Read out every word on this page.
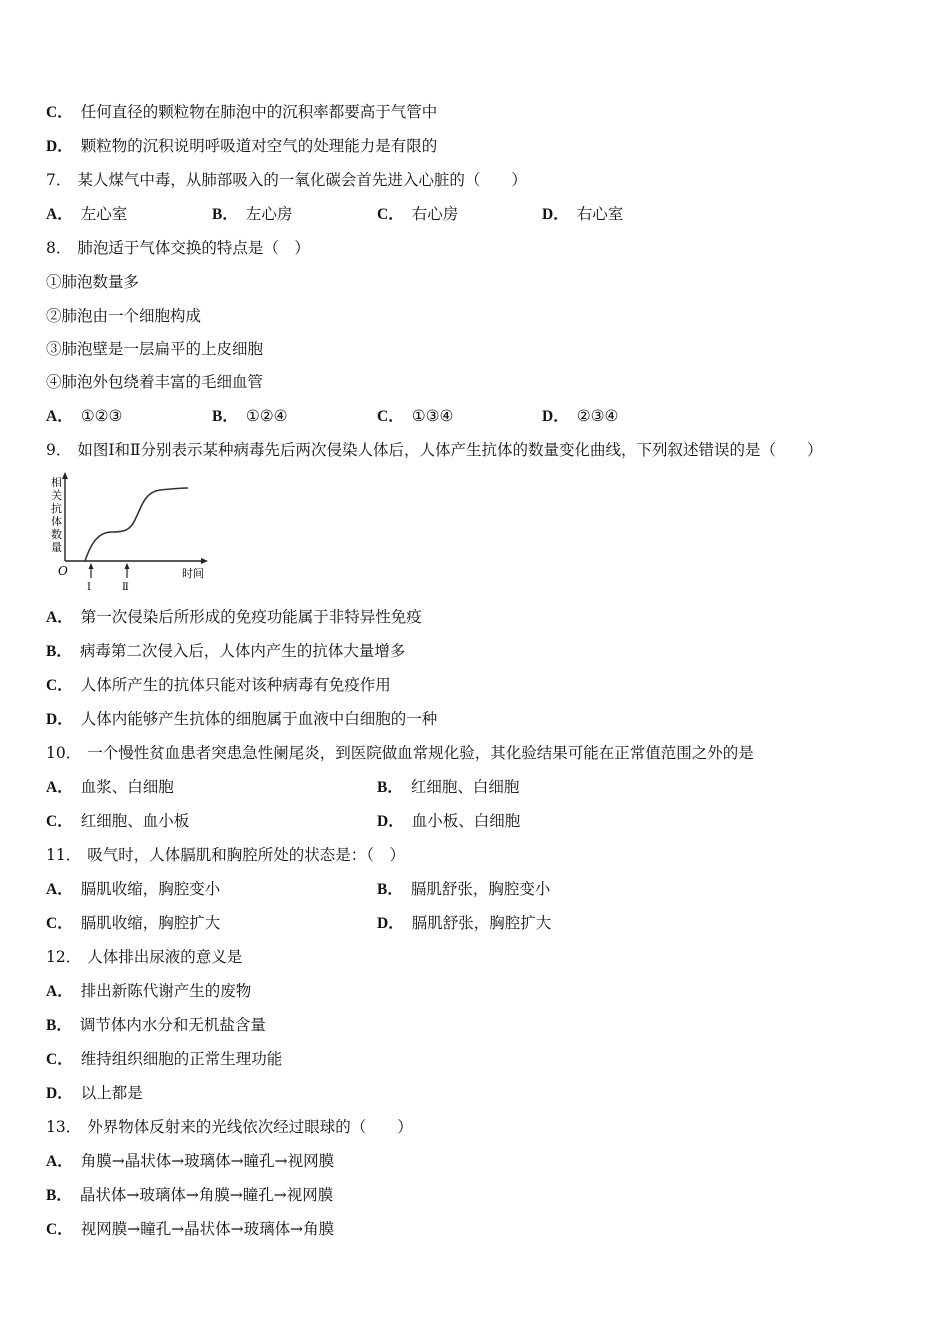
C． 任何直径的颗粒物在肺泡中的沉积率都要高于气管中
D． 颗粒物的沉积说明呼吸道对空气的处理能力是有限的
7． 某人煤气中毒，从肺部吸入的一氧化碳会首先进入心脏的（　　）
A． 左心室	B． 左心房	C． 右心房	D． 右心室
8． 肺泡适于气体交换的特点是（　）
①肺泡数量多
②肺泡由一个细胞构成
③肺泡壁是一层扁平的上皮细胞
④肺泡外包绕着丰富的毛细血管
A． ①②③	B． ①②④	C． ①③④	D． ②③④
9． 如图Ⅰ和Ⅱ分别表示某种病毒先后两次侵染人体后，人体产生抗体的数量变化曲线，下列叙述错误的是（　　）
相
关
抗
体
数
量
O
Ⅰ	Ⅱ
时间
A． 第一次侵染后所形成的免疫功能属于非特异性免疫
B． 病毒第二次侵入后，人体内产生的抗体大量增多
C． 人体所产生的抗体只能对该种病毒有免疫作用
D． 人体内能够产生抗体的细胞属于血液中白细胞的一种
10． 一个慢性贫血患者突患急性阑尾炎，到医院做血常规化验，其化验结果可能在正常值范围之外的是
A． 血浆、白细胞	B． 红细胞、白细胞
C． 红细胞、血小板	D． 血小板、白细胞
11． 吸气时，人体膈肌和胸腔所处的状态是：（　）
A． 膈肌收缩，胸腔变小	B． 膈肌舒张，胸腔变小
C． 膈肌收缩，胸腔扩大	D． 膈肌舒张，胸腔扩大
12． 人体排出尿液的意义是
A． 排出新陈代谢产生的废物
B． 调节体内水分和无机盐含量
C． 维持组织细胞的正常生理功能
D． 以上都是
13． 外界物体反射来的光线依次经过眼球的（　　）
A． 角膜→晶状体→玻璃体→瞳孔→视网膜
B． 晶状体→玻璃体→角膜→瞳孔→视网膜
C． 视网膜→瞳孔→晶状体→玻璃体→角膜
